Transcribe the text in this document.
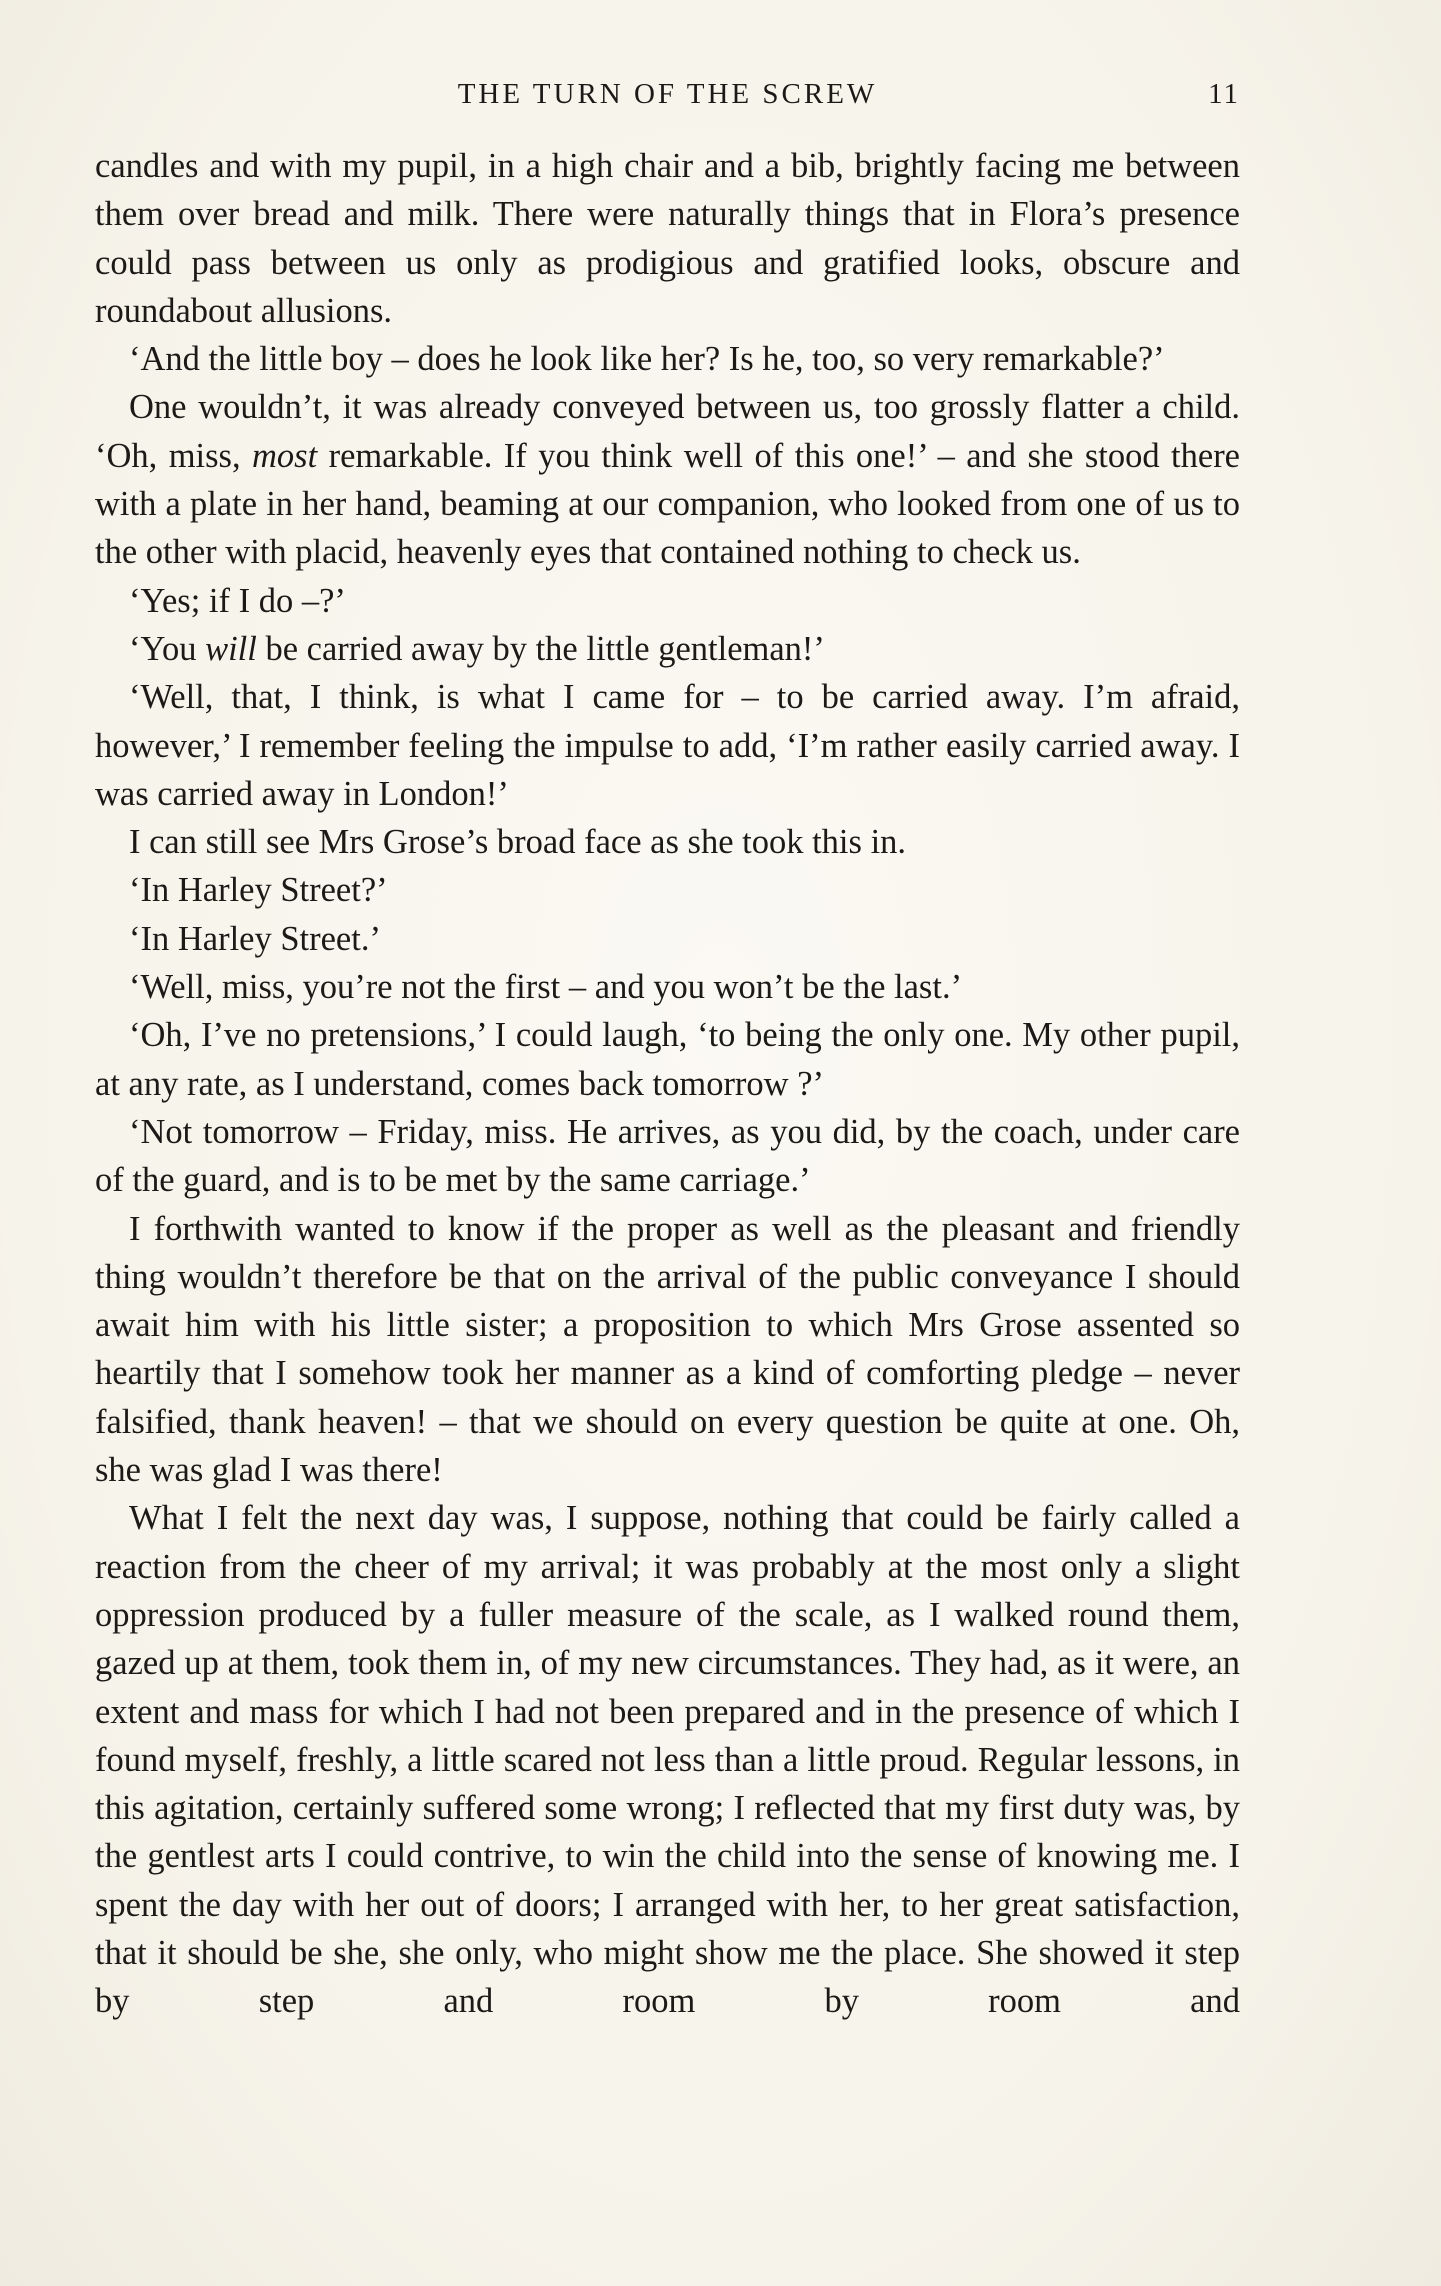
THE TURN OF THE SCREW	11

candles and with my pupil, in a high chair and a bib, brightly facing me between them over bread and milk. There were naturally things that in Flora’s presence could pass between us only as prodigious and gratified looks, obscure and roundabout allusions.

‘And the little boy – does he look like her? Is he, too, so very remarkable?’

One wouldn’t, it was already conveyed between us, too grossly flatter a child. ‘Oh, miss, most remarkable. If you think well of this one!’ – and she stood there with a plate in her hand, beaming at our companion, who looked from one of us to the other with placid, heavenly eyes that contained nothing to check us.

‘Yes; if I do –?’

‘You will be carried away by the little gentleman!’

‘Well, that, I think, is what I came for – to be carried away. I’m afraid, however,’ I remember feeling the impulse to add, ‘I’m rather easily carried away. I was carried away in London!’

I can still see Mrs Grose’s broad face as she took this in.

‘In Harley Street?’

‘In Harley Street.’

‘Well, miss, you’re not the first – and you won’t be the last.’

‘Oh, I’ve no pretensions,’ I could laugh, ‘to being the only one. My other pupil, at any rate, as I understand, comes back tomorrow ?’

‘Not tomorrow – Friday, miss. He arrives, as you did, by the coach, under care of the guard, and is to be met by the same carriage.’

I forthwith wanted to know if the proper as well as the pleasant and friendly thing wouldn’t therefore be that on the arrival of the public conveyance I should await him with his little sister; a proposition to which Mrs Grose assented so heartily that I somehow took her manner as a kind of comforting pledge – never falsified, thank heaven! – that we should on every question be quite at one. Oh, she was glad I was there!

What I felt the next day was, I suppose, nothing that could be fairly called a reaction from the cheer of my arrival; it was probably at the most only a slight oppression produced by a fuller measure of the scale, as I walked round them, gazed up at them, took them in, of my new circumstances. They had, as it were, an extent and mass for which I had not been prepared and in the presence of which I found myself, freshly, a little scared not less than a little proud. Regular lessons, in this agitation, certainly suffered some wrong; I reflected that my first duty was, by the gentlest arts I could contrive, to win the child into the sense of knowing me. I spent the day with her out of doors; I arranged with her, to her great satisfaction, that it should be she, she only, who might show me the place. She showed it step by step and room by room and
